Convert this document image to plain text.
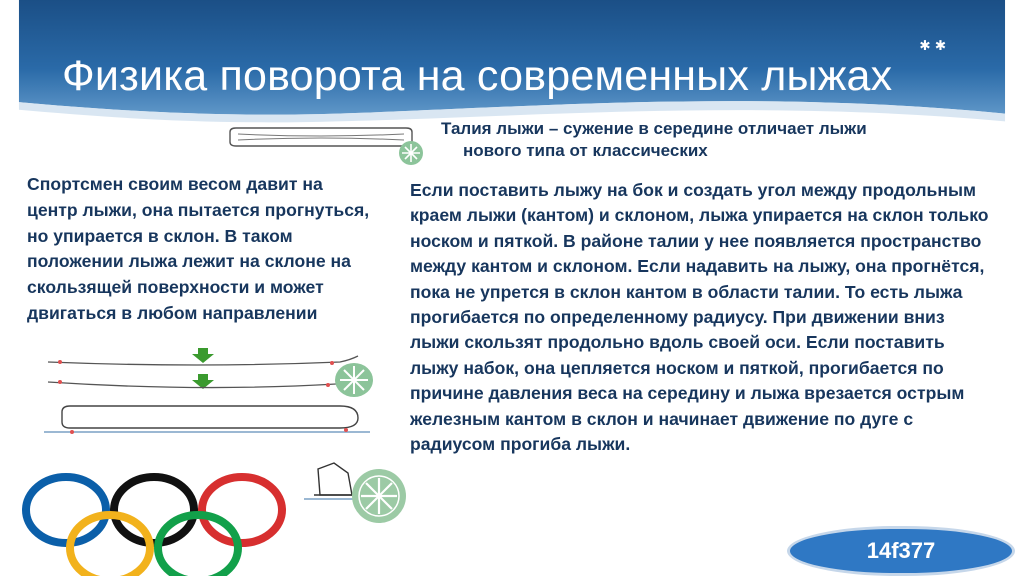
✱ ✱
Физика поворота на современных лыжах

Талия лыжи – сужение в середине отличает лыжи
нового типа от классических

Спортсмен своим весом давит на центр лыжи, она пытается прогнуться, но упирается в склон. В таком положении лыжа лежит на склоне на скользящей поверхности и может двигаться в любом направлении

Если поставить лыжу на бок и создать угол между продольным краем лыжи (кантом) и склоном, лыжа упирается на склон только носком и пяткой. В районе талии у нее появляется пространство между кантом и склоном. Если надавить на лыжу, она прогнётся, пока не упрется в склон кантом в области талии. То есть лыжа прогибается по определенному радиусу. При движении вниз лыжи скользят продольно вдоль своей оси. Если поставить лыжу набок, она цепляется носком и пяткой, прогибается по причине давления веса на середину и лыжа врезается острым железным кантом в склон и начинает движение по дуге с радиусом прогиба лыжи.

14f377
